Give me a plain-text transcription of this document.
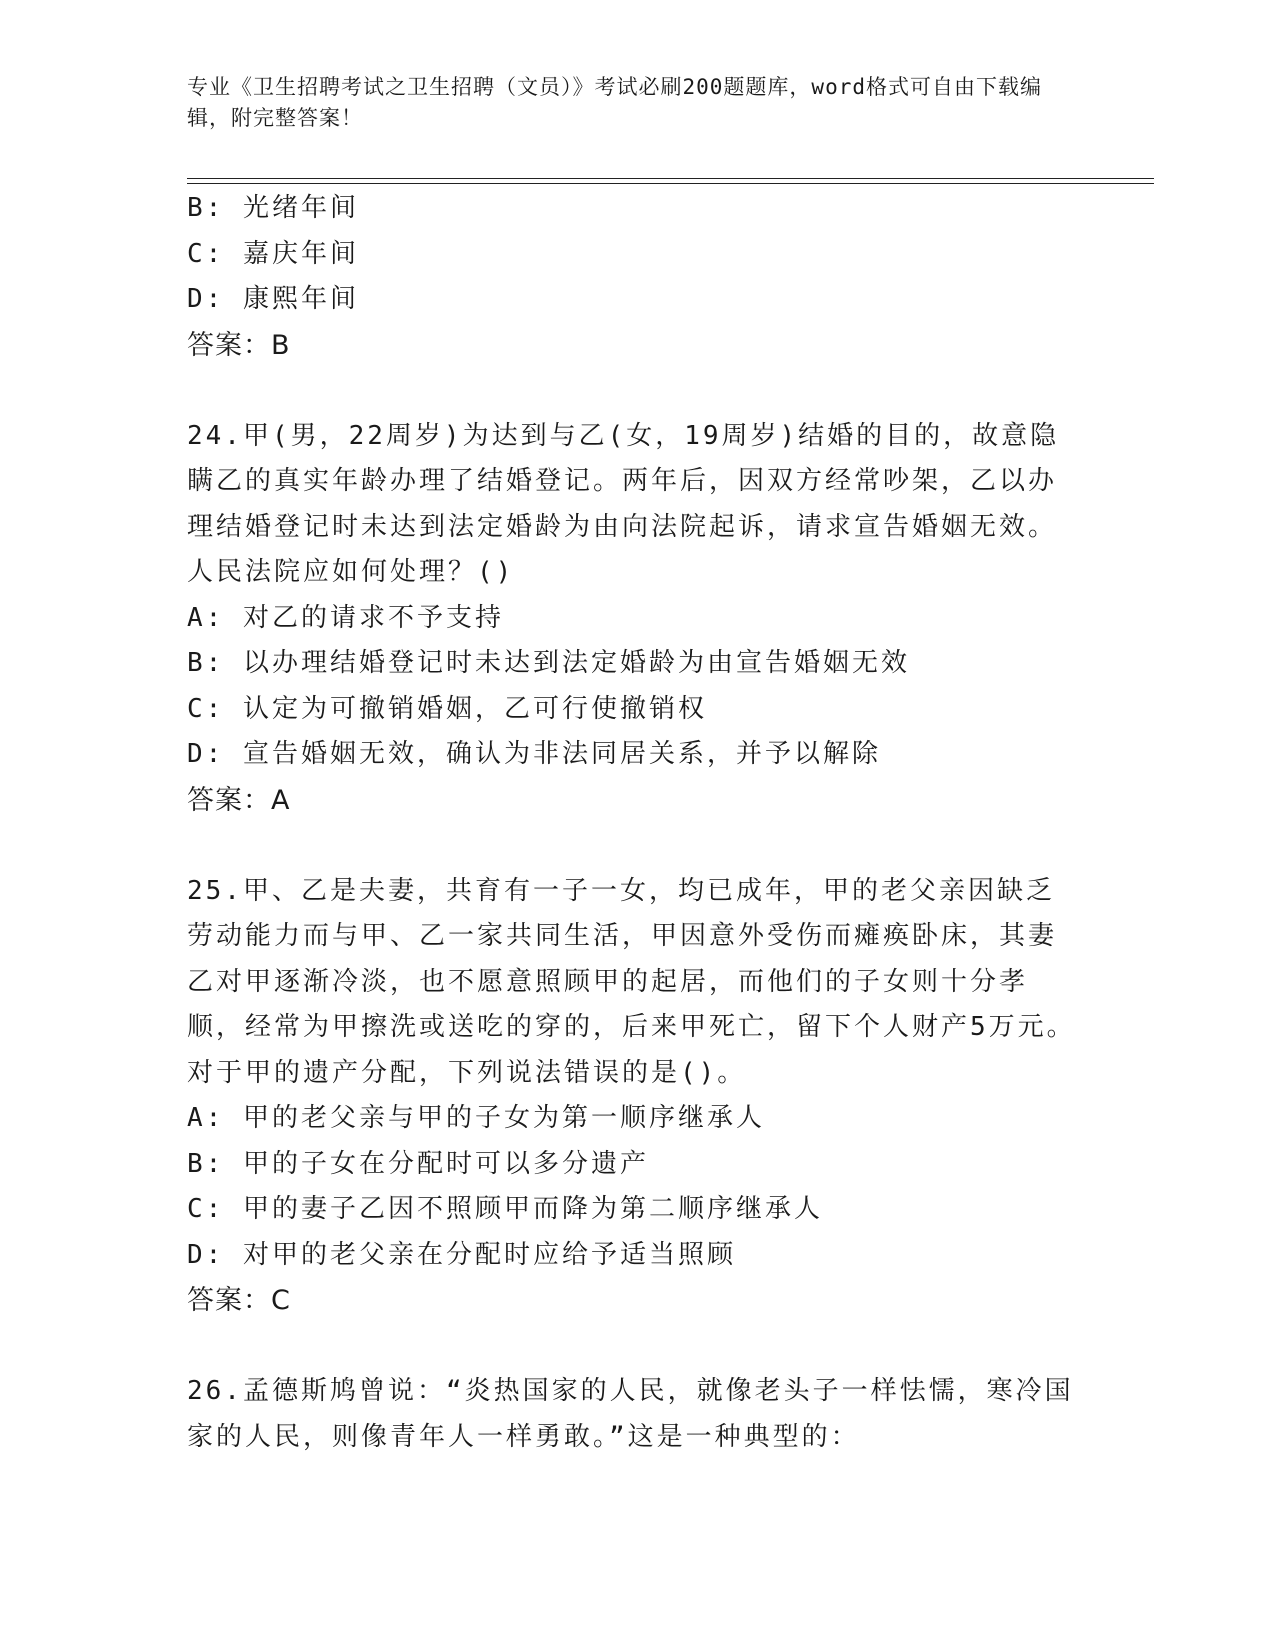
专业《卫生招聘考试之卫生招聘（文员）》考试必刷200题题库，word格式可自由下载编辑，附完整答案！
B: 光绪年间
C: 嘉庆年间
D: 康熙年间
答案：B
24.甲(男，22周岁)为达到与乙(女，19周岁)结婚的目的，故意隐瞒乙的真实年龄办理了结婚登记。两年后，因双方经常吵架，乙以办理结婚登记时未达到法定婚龄为由向法院起诉，请求宣告婚姻无效。人民法院应如何处理？()
A: 对乙的请求不予支持
B: 以办理结婚登记时未达到法定婚龄为由宣告婚姻无效
C: 认定为可撤销婚姻，乙可行使撤销权
D: 宣告婚姻无效，确认为非法同居关系，并予以解除
答案：A
25.甲、乙是夫妻，共育有一子一女，均已成年，甲的老父亲因缺乏劳动能力而与甲、乙一家共同生活，甲因意外受伤而瘫痪卧床，其妻乙对甲逐渐冷淡，也不愿意照顾甲的起居，而他们的子女则十分孝顺，经常为甲擦洗或送吃的穿的，后来甲死亡，留下个人财产5万元。对于甲的遗产分配，下列说法错误的是()。
A: 甲的老父亲与甲的子女为第一顺序继承人
B: 甲的子女在分配时可以多分遗产
C: 甲的妻子乙因不照顾甲而降为第二顺序继承人
D: 对甲的老父亲在分配时应给予适当照顾
答案：C
26.孟德斯鸠曾说：“炎热国家的人民，就像老头子一样怯懦，寒冷国家的人民，则像青年人一样勇敢。”这是一种典型的：
